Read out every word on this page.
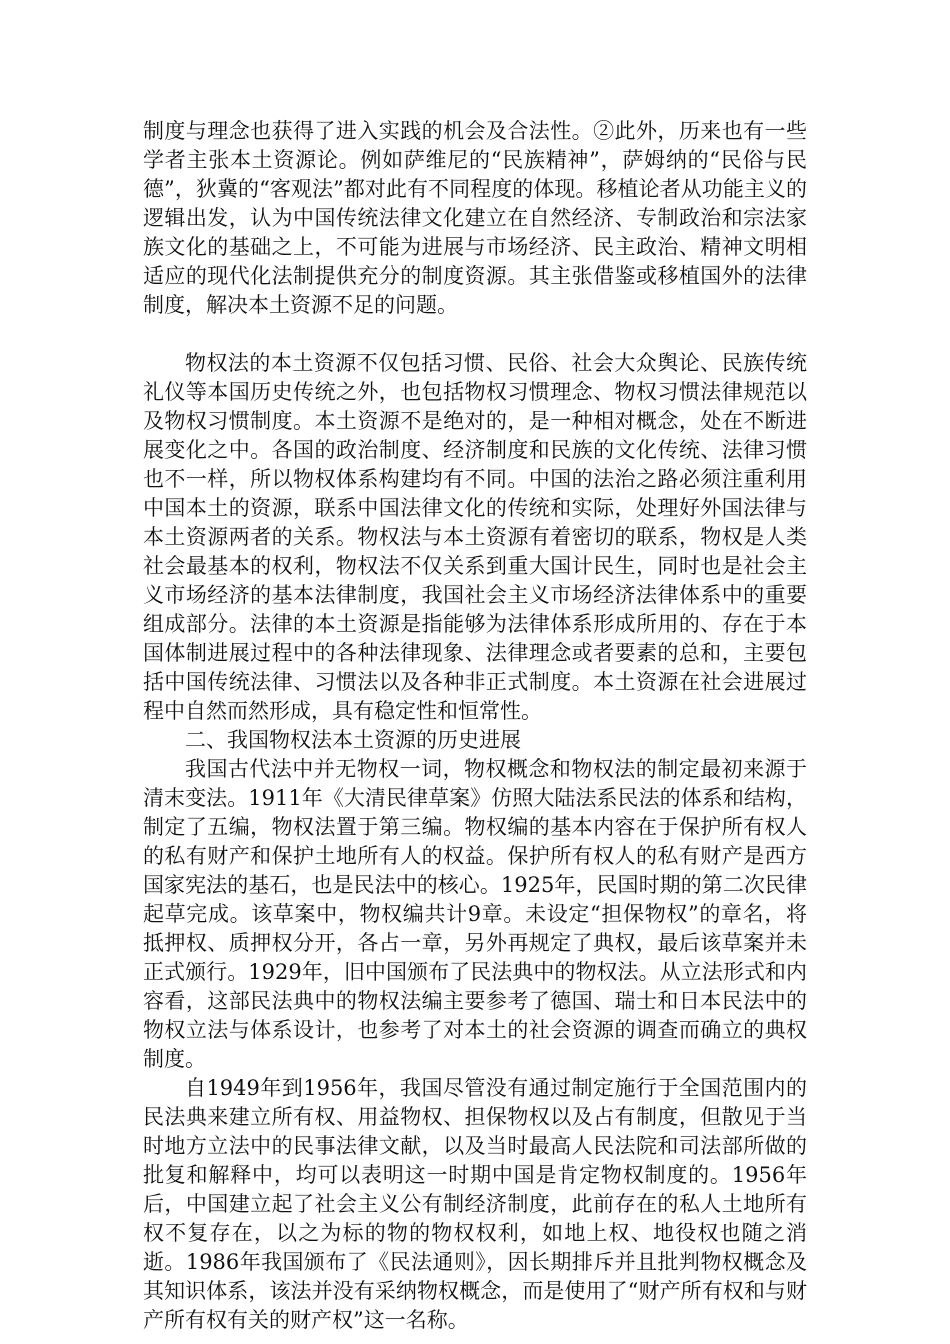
制度与理念也获得了进入实践的机会及合法性。②此外，历来也有一些学者主张本土资源论。例如萨维尼的“民族精神”，萨姆纳的“民俗与民德”，狄冀的“客观法”都对此有不同程度的体现。移植论者从功能主义的逻辑出发，认为中国传统法律文化建立在自然经济、专制政治和宗法家族文化的基础之上，不可能为进展与市场经济、民主政治、精神文明相适应的现代化法制提供充分的制度资源。其主张借鉴或移植国外的法律制度，解决本土资源不足的问题。

物权法的本土资源不仅包括习惯、民俗、社会大众舆论、民族传统礼仪等本国历史传统之外，也包括物权习惯理念、物权习惯法律规范以及物权习惯制度。本土资源不是绝对的，是一种相对概念，处在不断进展变化之中。各国的政治制度、经济制度和民族的文化传统、法律习惯也不一样，所以物权体系构建均有不同。中国的法治之路必须注重利用中国本土的资源，联系中国法律文化的传统和实际，处理好外国法律与本土资源两者的关系。物权法与本土资源有着密切的联系，物权是人类社会最基本的权利，物权法不仅关系到重大国计民生，同时也是社会主义市场经济的基本法律制度，我国社会主义市场经济法律体系中的重要组成部分。法律的本土资源是指能够为法律体系形成所用的、存在于本国体制进展过程中的各种法律现象、法律理念或者要素的总和，主要包括中国传统法律、习惯法以及各种非正式制度。本土资源在社会进展过程中自然而然形成，具有稳定性和恒常性。

二、我国物权法本土资源的历史进展

我国古代法中并无物权一词，物权概念和物权法的制定最初来源于清末变法。1911年《大清民律草案》仿照大陆法系民法的体系和结构，制定了五编，物权法置于第三编。物权编的基本内容在于保护所有权人的私有财产和保护土地所有人的权益。保护所有权人的私有财产是西方国家宪法的基石，也是民法中的核心。1925年，民国时期的第二次民律起草完成。该草案中，物权编共计9章。未设定“担保物权”的章名，将抵押权、质押权分开，各占一章，另外再规定了典权，最后该草案并未正式颁行。1929年，旧中国颁布了民法典中的物权法。从立法形式和内容看，这部民法典中的物权法编主要参考了德国、瑞士和日本民法中的物权立法与体系设计，也参考了对本土的社会资源的调查而确立的典权制度。

自1949年到1956年，我国尽管没有通过制定施行于全国范围内的民法典来建立所有权、用益物权、担保物权以及占有制度，但散见于当时地方立法中的民事法律文献，以及当时最高人民法院和司法部所做的批复和解释中，均可以表明这一时期中国是肯定物权制度的。1956年后，中国建立起了社会主义公有制经济制度，此前存在的私人土地所有权不复存在，以之为标的物的物权权利，如地上权、地役权也随之消逝。1986年我国颁布了《民法通则》，因长期排斥并且批判物权概念及其知识体系，该法并没有采纳物权概念，而是使用了“财产所有权和与财产所有权有关的财产权”这一名称。
